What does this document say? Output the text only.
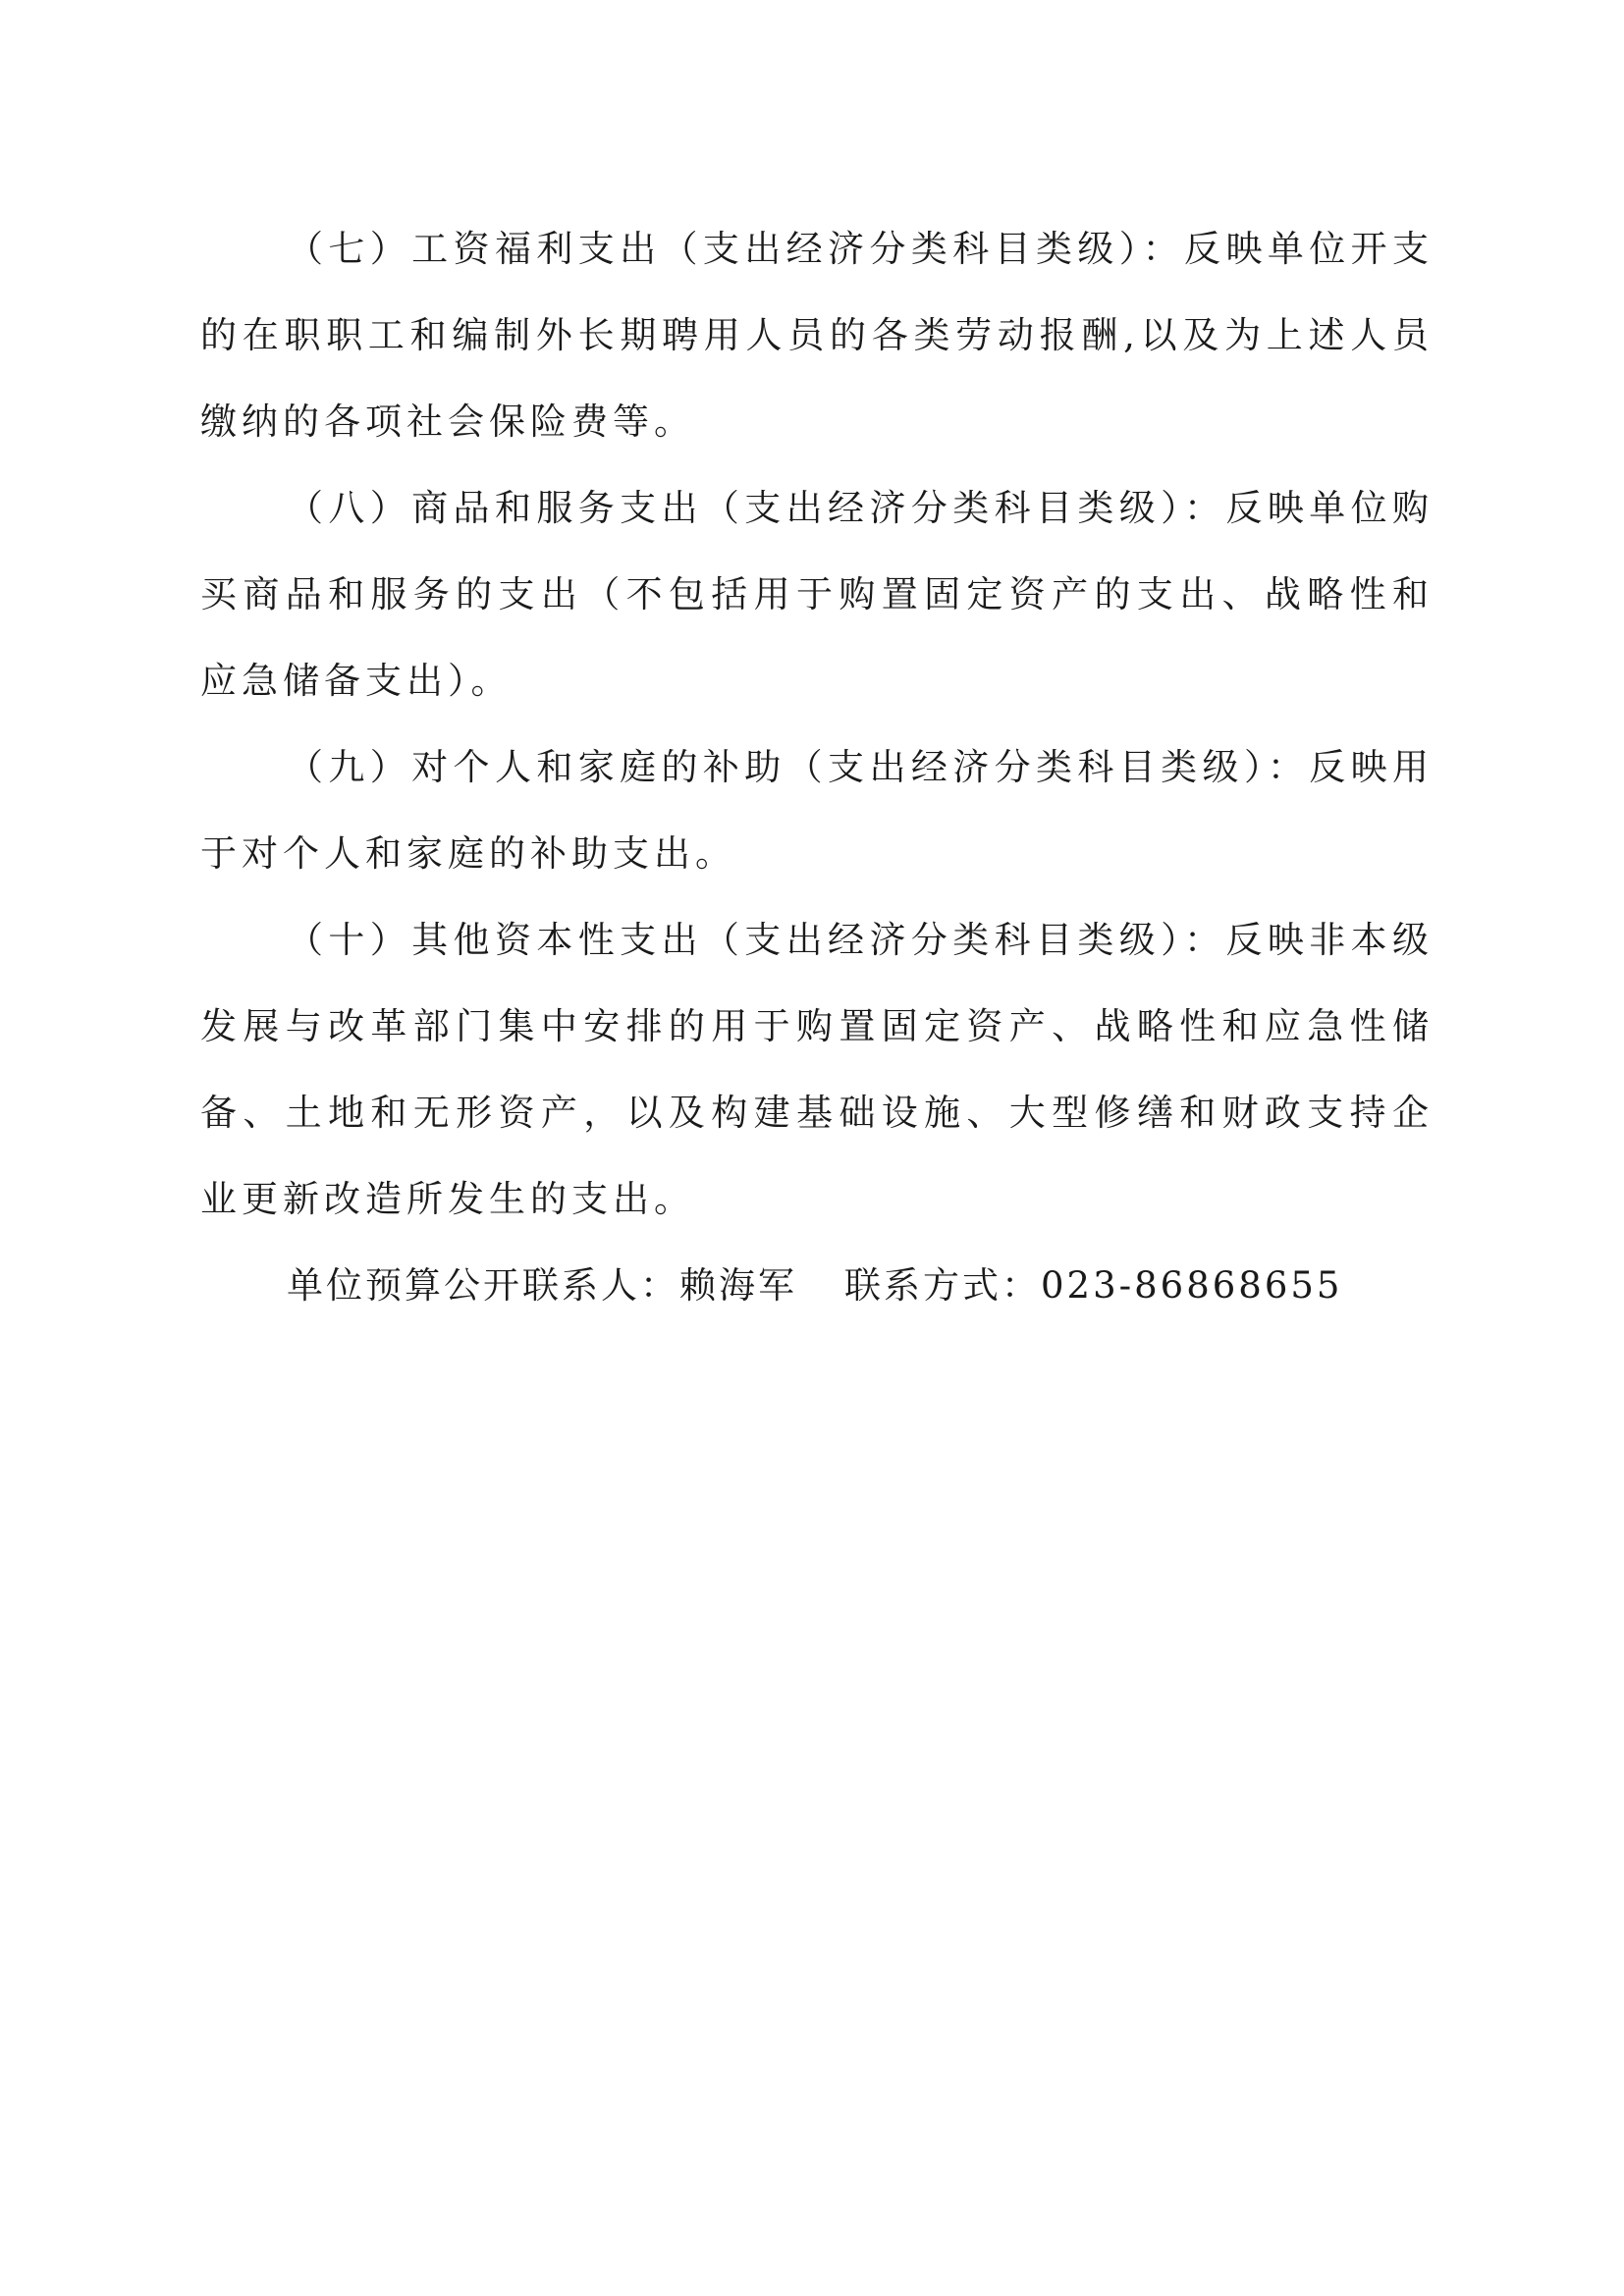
（七）工资福利支出（支出经济分类科目类级）：反映单位开支的在职职工和编制外长期聘用人员的各类劳动报酬,以及为上述人员缴纳的各项社会保险费等。

（八）商品和服务支出（支出经济分类科目类级）：反映单位购买商品和服务的支出（不包括用于购置固定资产的支出、战略性和应急储备支出）。

（九）对个人和家庭的补助（支出经济分类科目类级）：反映用于对个人和家庭的补助支出。

（十）其他资本性支出（支出经济分类科目类级）：反映非本级发展与改革部门集中安排的用于购置固定资产、战略性和应急性储备、土地和无形资产，以及构建基础设施、大型修缮和财政支持企业更新改造所发生的支出。

单位预算公开联系人：赖海军 联系方式：023-86868655
